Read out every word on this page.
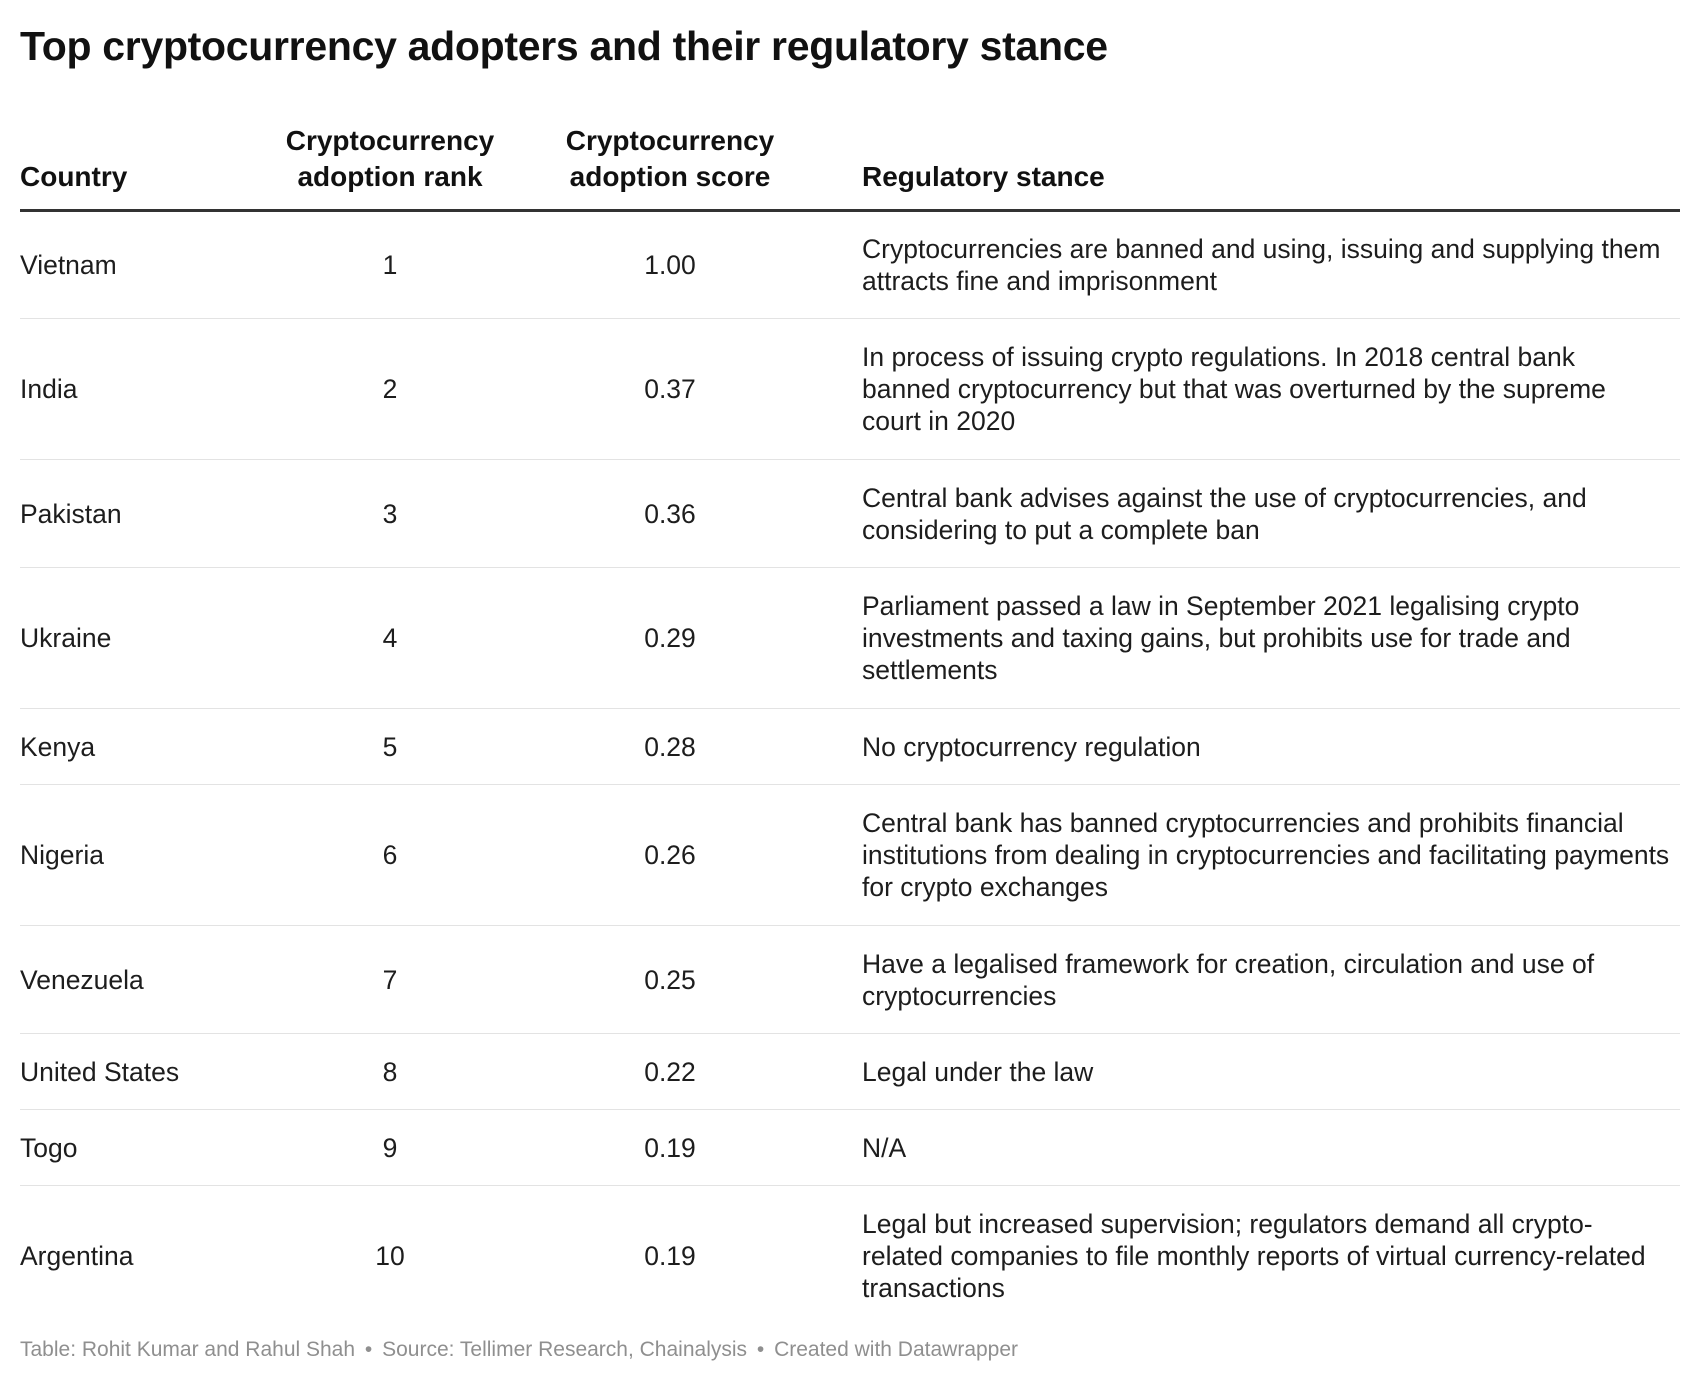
Top cryptocurrency adopters and their regulatory stance
Country	Cryptocurrency adoption rank	Cryptocurrency adoption score	Regulatory stance
Vietnam	1	1.00	Cryptocurrencies are banned and using, issuing and supplying them attracts fine and imprisonment
India	2	0.37	In process of issuing crypto regulations. In 2018 central bank banned cryptocurrency but that was overturned by the supreme court in 2020
Pakistan	3	0.36	Central bank advises against the use of cryptocurrencies, and considering to put a complete ban
Ukraine	4	0.29	Parliament passed a law in September 2021 legalising crypto investments and taxing gains, but prohibits use for trade and settlements
Kenya	5	0.28	No cryptocurrency regulation
Nigeria	6	0.26	Central bank has banned cryptocurrencies and prohibits financial institutions from dealing in cryptocurrencies and facilitating payments for crypto exchanges
Venezuela	7	0.25	Have a legalised framework for creation, circulation and use of cryptocurrencies
United States	8	0.22	Legal under the law
Togo	9	0.19	N/A
Argentina	10	0.19	Legal but increased supervision; regulators demand all crypto-related companies to file monthly reports of virtual currency-related transactions
Table: Rohit Kumar and Rahul Shah • Source: Tellimer Research, Chainalysis • Created with Datawrapper
